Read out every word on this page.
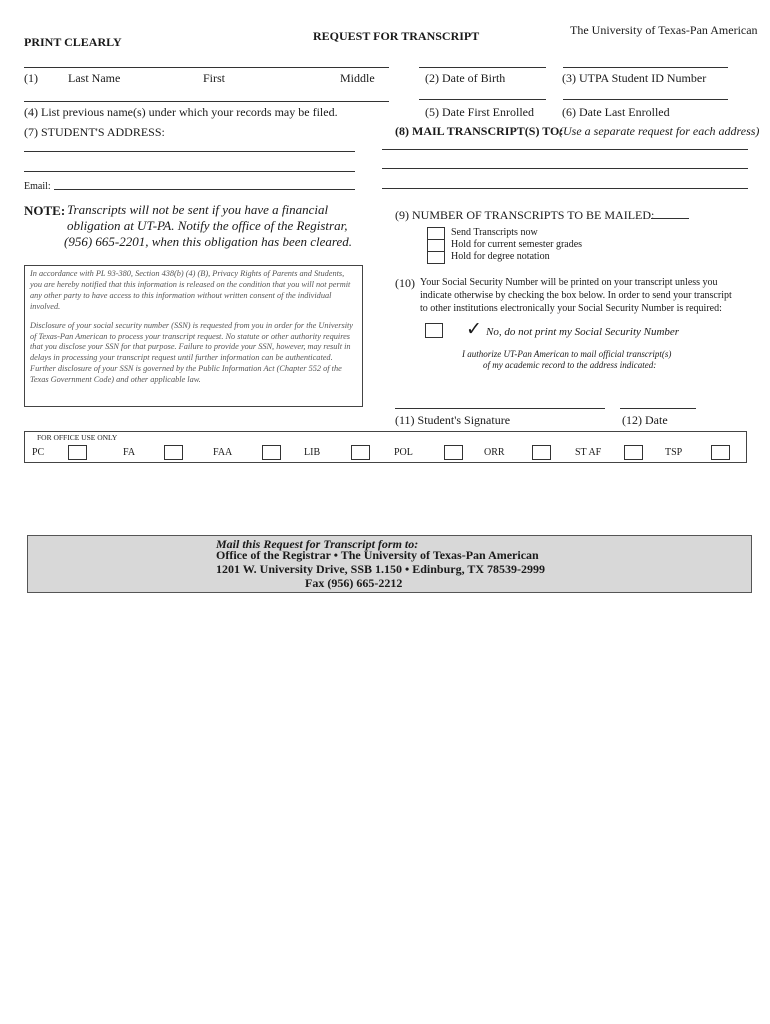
The University of Texas-Pan American
REQUEST FOR TRANSCRIPT
PRINT CLEARLY
(1)	Last Name	First	Middle	(2) Date of Birth	(3) UTPA Student ID Number
(4) List previous name(s) under which your records may be filed.	(5) Date First Enrolled (6) Date Last Enrolled
(7) STUDENT'S ADDRESS:	(8) MAIL TRANSCRIPT(S) TO:
(Use a separate request for each address)
Email:
NOTE: Transcripts will not be sent if you have a financial
obligation at UT-PA. Notify the office of the Registrar,
(956) 665-2201, when this obligation has been cleared.

In accordance with PL 93-380, Section 438(b) (4) (B), Privacy Rights of Parents and Students, you are hereby notified that this information is released on the condition that you will not permit any other party to have access to this information without written consent of the individual involved.

Disclosure of your social security number (SSN) is requested from you in order for the University of Texas-Pan American to process your transcript request. No statute or other authority requires that you disclose your SSN for that purpose. Failure to provide your SSN, however, may result in delays in processing your transcript request until further information can be authenticated. Further disclosure of your SSN is governed by the Public Information Act (Chapter 552 of the Texas Government Code) and other applicable law.

(9) NUMBER OF TRANSCRIPTS TO BE MAILED:
Send Transcripts now
Hold for current semester grades
Hold for degree notation
(10) Your Social Security Number will be printed on your transcript unless you
indicate otherwise by checking the box below. In order to send your transcript
to other institutions electronically your Social Security Number is required:
✓ No, do not print my Social Security Number
I authorize UT-Pan American to mail official transcript(s)
of my academic record to the address indicated:
(11) Student's Signature	(12) Date
FOR OFFICE USE ONLY
PC	FA	FAA	LIB	POL	ORR	ST AF	TSP
Mail this Request for Transcript form to:
Office of the Registrar • The University of Texas-Pan American
1201 W. University Drive, SSB 1.150 • Edinburg, TX 78539-2999
Fax (956) 665-2212
